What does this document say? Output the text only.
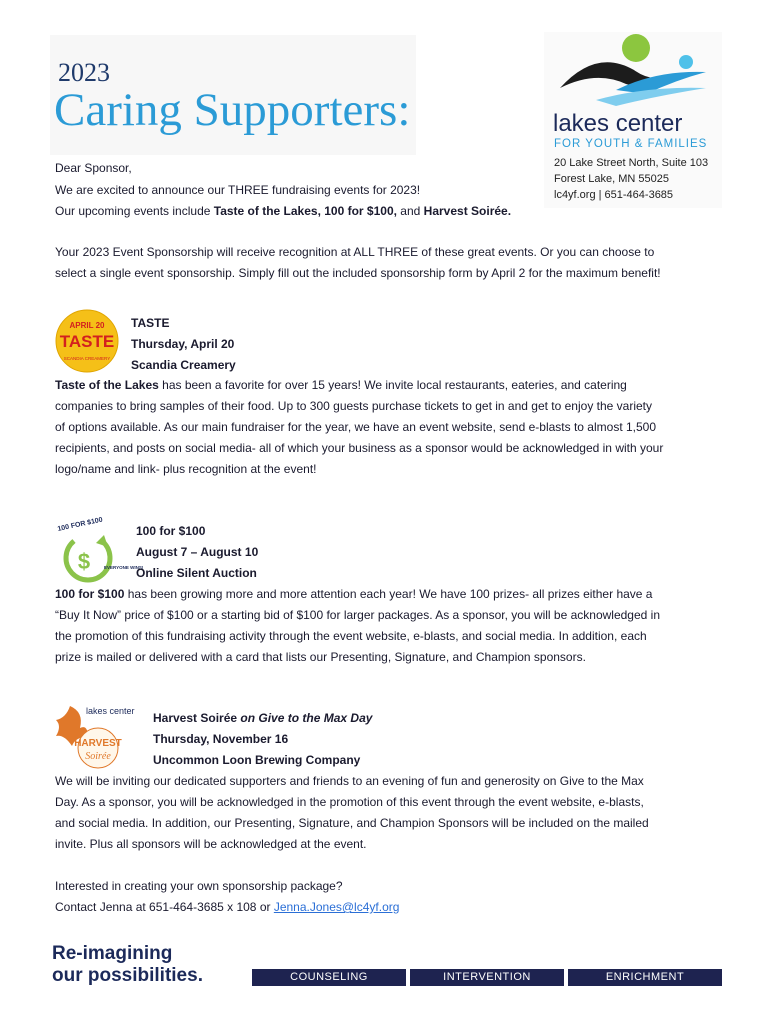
2023
Caring Supporters:	lakes center
FOR YOUTH & FAMILIES
20 Lake Street North, Suite 103
Forest Lake, MN 55025
lc4yf.org | 651-464-3685
Dear Sponsor,
We are excited to announce our THREE fundraising events for 2023!
Our upcoming events include Taste of the Lakes, 100 for $100, and Harvest Soirée.
Your 2023 Event Sponsorship will receive recognition at ALL THREE of these great events. Or you can choose to
select a single event sponsorship. Simply fill out the included sponsorship form by April 2 for the maximum benefit!
APRIL 20
TASTE
SCANDIA CREAMERY
TASTE
Thursday, April 20
Scandia Creamery
Taste of the Lakes has been a favorite for over 15 years! We invite local restaurants, eateries, and catering
companies to bring samples of their food. Up to 300 guests purchase tickets to get in and get to enjoy the variety
of options available. As our main fundraiser for the year, we have an event website, send e-blasts to almost 1,500
recipients, and posts on social media- all of which your business as a sponsor would be acknowledged in with your
logo/name and link- plus recognition at the event!
100 FOR $100
$	EVERYONE WINS!
100 for $100
August 7 – August 10
Online Silent Auction
100 for $100 has been growing more and more attention each year! We have 100 prizes- all prizes either have a
“Buy It Now” price of $100 or a starting bid of $100 for larger packages. As a sponsor, you will be acknowledged in
the promotion of this fundraising activity through the event website, e-blasts, and social media. In addition, each
prize is mailed or delivered with a card that lists our Presenting, Signature, and Champion sponsors.
lakes center
HARVEST
Soirée
Harvest Soirée on Give to the Max Day
Thursday, November 16
Uncommon Loon Brewing Company
We will be inviting our dedicated supporters and friends to an evening of fun and generosity on Give to the Max
Day. As a sponsor, you will be acknowledged in the promotion of this event through the event website, e-blasts,
and social media. In addition, our Presenting, Signature, and Champion Sponsors will be included on the mailed
invite. Plus all sponsors will be acknowledged at the event.
Interested in creating your own sponsorship package?
Contact Jenna at 651-464-3685 x 108 or Jenna.Jones@lc4yf.org
Re-imagining
our possibilities.	COUNSELING	INTERVENTION	ENRICHMENT
